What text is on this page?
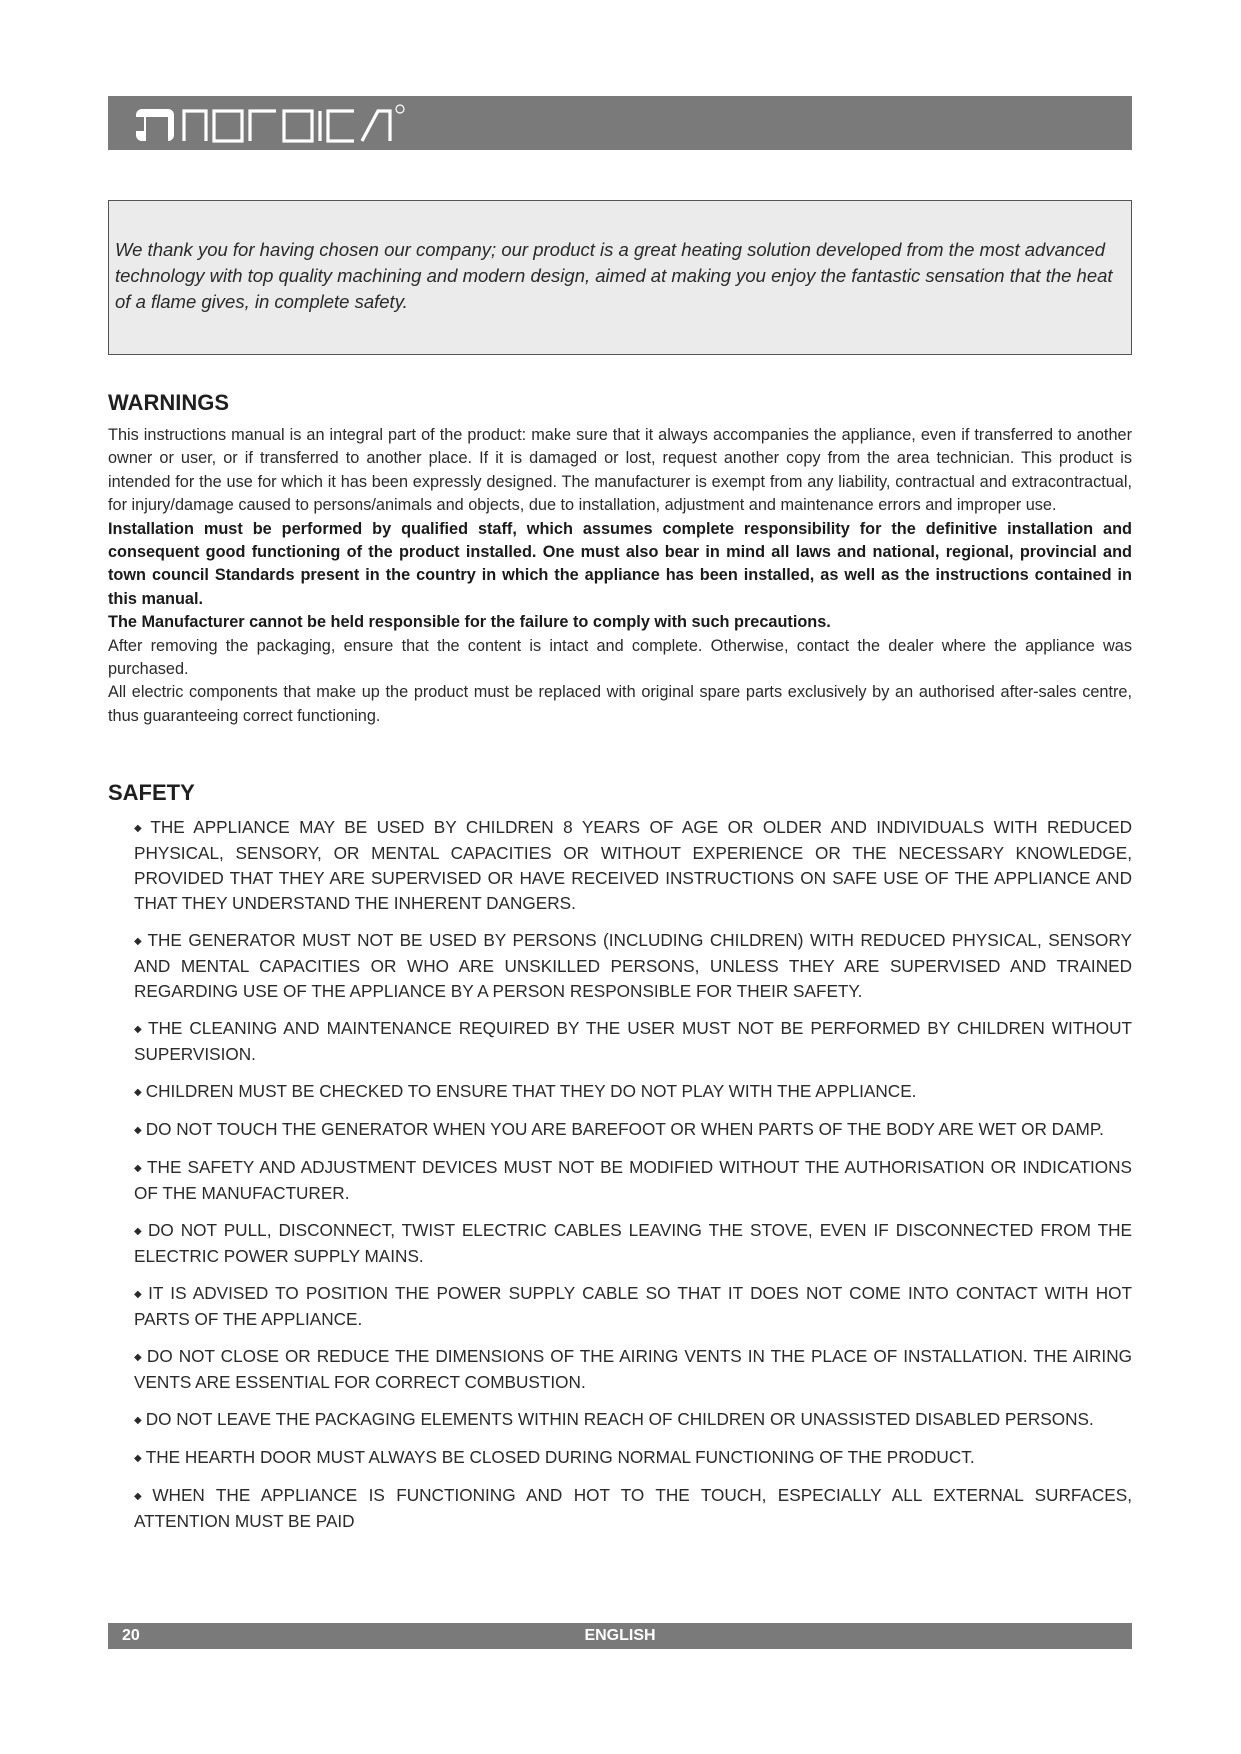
We thank you for having chosen our company; our product is a great heating solution developed from the most advanced technology with top quality machining and modern design, aimed at making you enjoy the fantastic sensation that the heat of a flame gives, in complete safety.

WARNINGS

This instructions manual is an integral part of the product: make sure that it always accompanies the appliance, even if transferred to another owner or user, or if transferred to another place. If it is damaged or lost, request another copy from the area technician. This product is intended for the use for which it has been expressly designed. The manufacturer is exempt from any liability, contractual and extracontractual, for injury/damage caused to persons/animals and objects, due to installation, adjustment and maintenance errors and improper use.

Installation must be performed by qualified staff, which assumes complete responsibility for the definitive installation and consequent good functioning of the product installed. One must also bear in mind all laws and national, regional, provincial and town council Standards present in the country in which the appliance has been installed, as well as the instructions contained in this manual.

The Manufacturer cannot be held responsible for the failure to comply with such precautions.

After removing the packaging, ensure that the content is intact and complete. Otherwise, contact the dealer where the appliance was purchased.

All electric components that make up the product must be replaced with original spare parts exclusively by an authorised after-sales centre, thus guaranteeing correct functioning.

SAFETY
◆ THE APPLIANCE MAY BE USED BY CHILDREN 8 YEARS OF AGE OR OLDER AND INDIVIDUALS WITH REDUCED PHYSICAL, SENSORY, OR MENTAL CAPACITIES OR WITHOUT EXPERIENCE OR THE NECESSARY KNOWLEDGE, PROVIDED THAT THEY ARE SUPERVISED OR HAVE RECEIVED INSTRUCTIONS ON SAFE USE OF THE APPLIANCE AND THAT THEY UNDERSTAND THE INHERENT DANGERS.
◆ THE GENERATOR MUST NOT BE USED BY PERSONS (INCLUDING CHILDREN) WITH REDUCED PHYSICAL, SENSORY AND MENTAL CAPACITIES OR WHO ARE UNSKILLED PERSONS, UNLESS THEY ARE SUPERVISED AND TRAINED REGARDING USE OF THE APPLIANCE BY A PERSON RESPONSIBLE FOR THEIR SAFETY.
◆ THE CLEANING AND MAINTENANCE REQUIRED BY THE USER MUST NOT BE PERFORMED BY CHILDREN WITHOUT SUPERVISION.
◆ CHILDREN MUST BE CHECKED TO ENSURE THAT THEY DO NOT PLAY WITH THE APPLIANCE.
◆ DO NOT TOUCH THE GENERATOR WHEN YOU ARE BAREFOOT OR WHEN PARTS OF THE BODY ARE WET OR DAMP.
◆ THE SAFETY AND ADJUSTMENT DEVICES MUST NOT BE MODIFIED WITHOUT THE AUTHORISATION OR INDICATIONS OF THE MANUFACTURER.
◆ DO NOT PULL, DISCONNECT, TWIST ELECTRIC CABLES LEAVING THE STOVE, EVEN IF DISCONNECTED FROM THE ELECTRIC POWER SUPPLY MAINS.
◆ IT IS ADVISED TO POSITION THE POWER SUPPLY CABLE SO THAT IT DOES NOT COME INTO CONTACT WITH HOT PARTS OF THE APPLIANCE.
◆ DO NOT CLOSE OR REDUCE THE DIMENSIONS OF THE AIRING VENTS IN THE PLACE OF INSTALLATION. THE AIRING VENTS ARE ESSENTIAL FOR CORRECT COMBUSTION.
◆ DO NOT LEAVE THE PACKAGING ELEMENTS WITHIN REACH OF CHILDREN OR UNASSISTED DISABLED PERSONS.
◆ THE HEARTH DOOR MUST ALWAYS BE CLOSED DURING NORMAL FUNCTIONING OF THE PRODUCT.
◆ WHEN THE APPLIANCE IS FUNCTIONING AND HOT TO THE TOUCH, ESPECIALLY ALL EXTERNAL SURFACES, ATTENTION MUST BE PAID
20	ENGLISH
